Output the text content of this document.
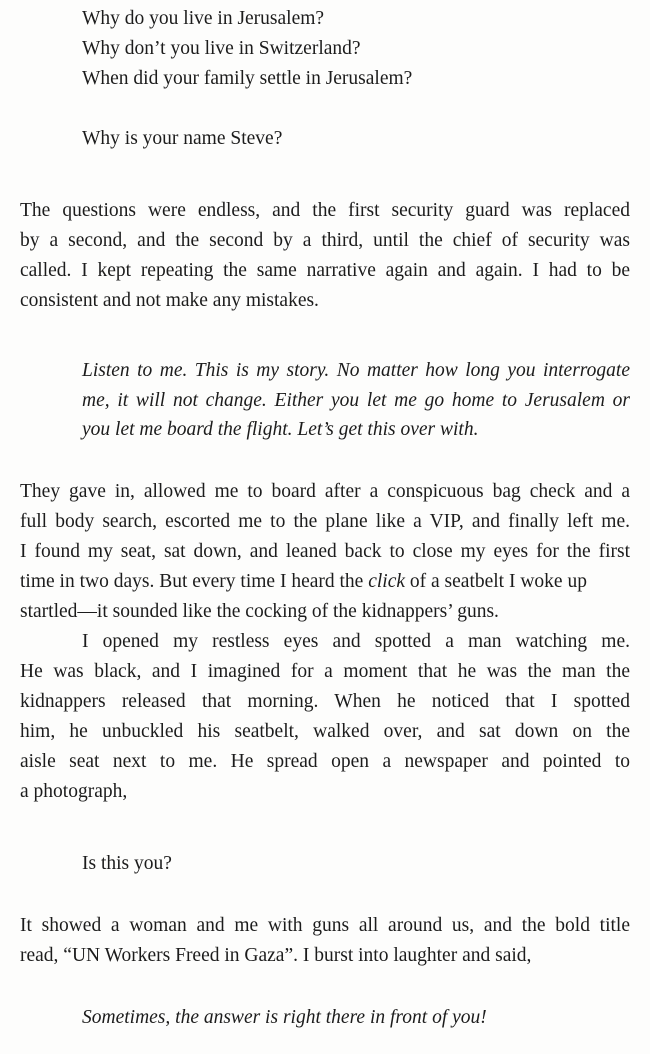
Why do you live in Jerusalem?
Why don’t you live in Switzerland?
When did your family settle in Jerusalem?
Why is your name Steve?
The questions were endless, and the first security guard was replaced
by a second, and the second by a third, until the chief of security was
called. I kept repeating the same narrative again and again. I had to be
consistent and not make any mistakes.
Listen to me. This is my story. No matter how long you interrogate
me, it will not change. Either you let me go home to Jerusalem or
you let me board the flight. Let’s get this over with.
They gave in, allowed me to board after a conspicuous bag check and a
full body search, escorted me to the plane like a VIP, and finally left me.
I found my seat, sat down, and leaned back to close my eyes for the first
time in two days. But every time I heard the click of a seatbelt I woke up
startled—it sounded like the cocking of the kidnappers’ guns.
I opened my restless eyes and spotted a man watching me.
He was black, and I imagined for a moment that he was the man the
kidnappers released that morning. When he noticed that I spotted
him, he unbuckled his seatbelt, walked over, and sat down on the
aisle seat next to me. He spread open a newspaper and pointed to
a photograph,
Is this you?
It showed a woman and me with guns all around us, and the bold title
read, “UN Workers Freed in Gaza”. I burst into laughter and said,
Sometimes, the answer is right there in front of you!
